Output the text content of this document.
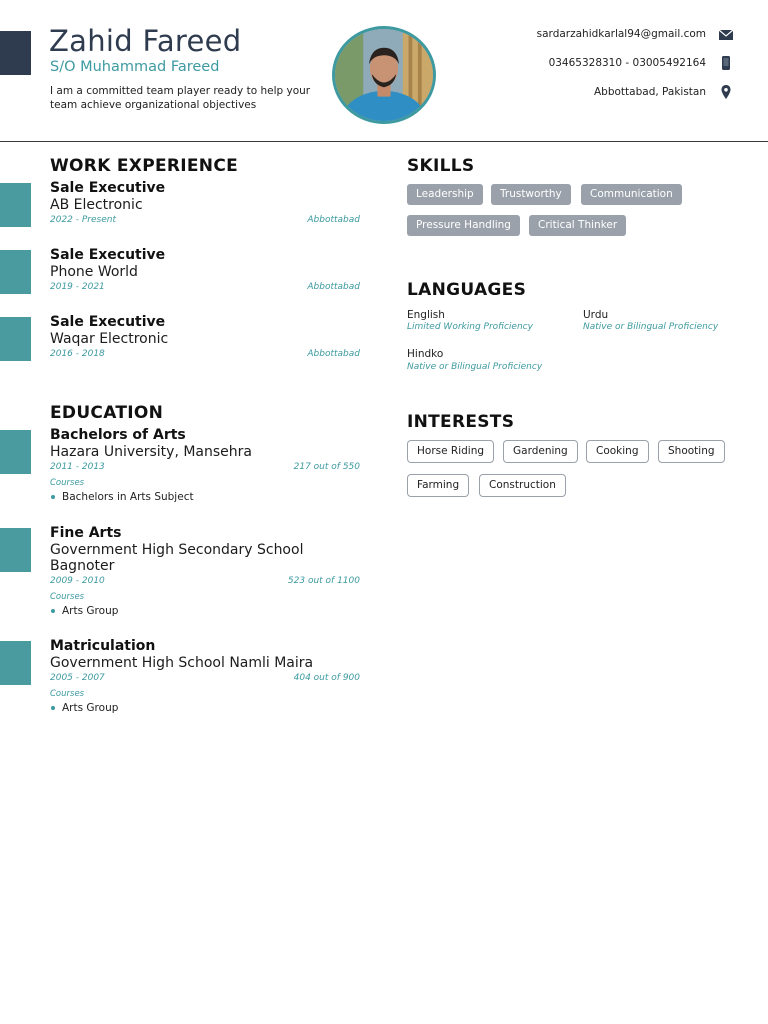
Zahid Fareed
S/O Muhammad Fareed
I am a committed team player ready to help your team achieve organizational objectives
sardarzahidkarlal94@gmail.com
03465328310 - 03005492164
Abbottabad, Pakistan
WORK EXPERIENCE
Sale Executive
AB Electronic
2022 - Present	Abbottabad
Sale Executive
Phone World
2019 - 2021	Abbottabad
Sale Executive
Waqar Electronic
2016 - 2018	Abbottabad
EDUCATION
Bachelors of Arts
Hazara University, Mansehra
2011 - 2013	217 out of 550
Courses
Bachelors in Arts Subject
Fine Arts
Government High Secondary School Bagnoter
2009 - 2010	523 out of 1100
Courses
Arts Group
Matriculation
Government High School Namli Maira
2005 - 2007	404 out of 900
Courses
Arts Group
SKILLS
Leadership	Trustworthy	Communication
Pressure Handling	Critical Thinker
LANGUAGES
English
Limited Working Proficiency
Urdu
Native or Bilingual Proficiency
Hindko
Native or Bilingual Proficiency
INTERESTS
Horse Riding	Gardening	Cooking	Shooting
Farming	Construction
